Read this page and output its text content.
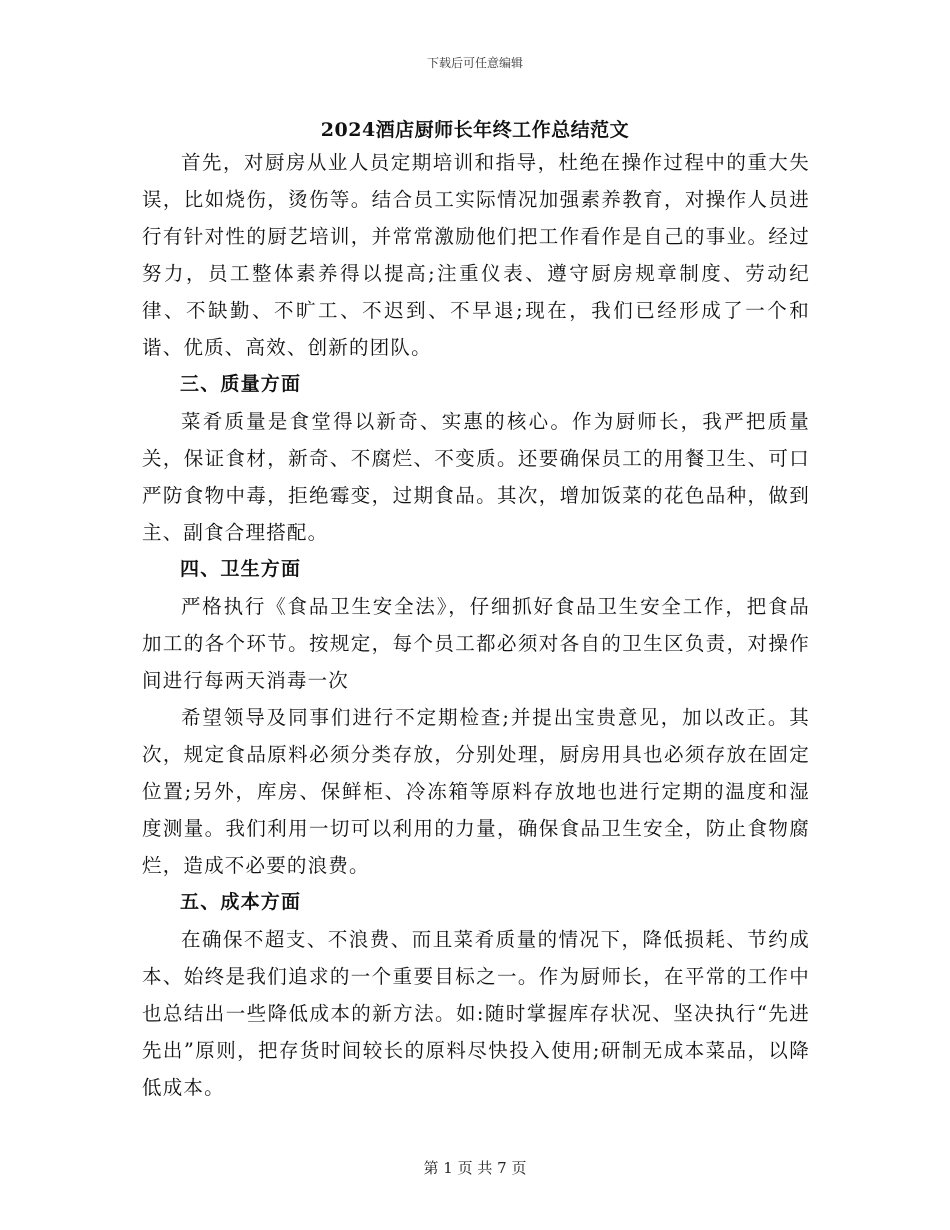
下载后可任意编辑
2024酒店厨师长年终工作总结范文

首先，对厨房从业人员定期培训和指导，杜绝在操作过程中的重大失误，比如烧伤，烫伤等。结合员工实际情况加强素养教育，对操作人员进行有针对性的厨艺培训，并常常激励他们把工作看作是自己的事业。经过努力，员工整体素养得以提高;注重仪表、遵守厨房规章制度、劳动纪律、不缺勤、不旷工、不迟到、不早退;现在，我们已经形成了一个和谐、优质、高效、创新的团队。

三、质量方面

菜肴质量是食堂得以新奇、实惠的核心。作为厨师长，我严把质量关，保证食材，新奇、不腐烂、不变质。还要确保员工的用餐卫生、可口严防食物中毒，拒绝霉变，过期食品。其次，增加饭菜的花色品种，做到主、副食合理搭配。

四、卫生方面

严格执行《食品卫生安全法》，仔细抓好食品卫生安全工作，把食品加工的各个环节。按规定，每个员工都必须对各自的卫生区负责，对操作间进行每两天消毒一次

希望领导及同事们进行不定期检查;并提出宝贵意见，加以改正。其次，规定食品原料必须分类存放，分别处理，厨房用具也必须存放在固定位置;另外，库房、保鲜柜、冷冻箱等原料存放地也进行定期的温度和湿度测量。我们利用一切可以利用的力量，确保食品卫生安全，防止食物腐烂，造成不必要的浪费。

五、成本方面

在确保不超支、不浪费、而且菜肴质量的情况下，降低损耗、节约成本、始终是我们追求的一个重要目标之一。作为厨师长，在平常的工作中也总结出一些降低成本的新方法。如:随时掌握库存状况、坚决执行“先进先出”原则，把存货时间较长的原料尽快投入使用;研制无成本菜品，以降低成本。

第 1 页 共 7 页
